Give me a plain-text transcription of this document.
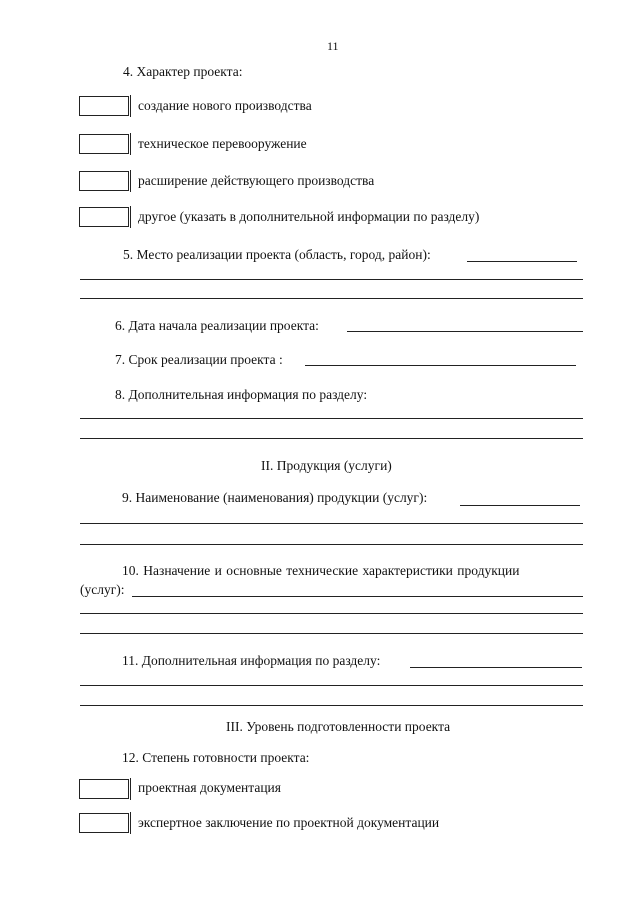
11
4. Характер проекта:
создание нового производства
техническое перевооружение
расширение действующего производства
другое (указать в дополнительной информации по разделу)
5. Место реализации проекта (область, город, район):
6. Дата начала реализации проекта:
7. Срок реализации проекта :
8. Дополнительная информация по разделу:
II. Продукция (услуги)
9. Наименование (наименования) продукции (услуг):
10. Назначение и основные технические характеристики продукции
(услуг):
11. Дополнительная информация по разделу:
III. Уровень подготовленности проекта
12. Степень готовности проекта:
проектная документация
экспертное заключение по проектной документации
